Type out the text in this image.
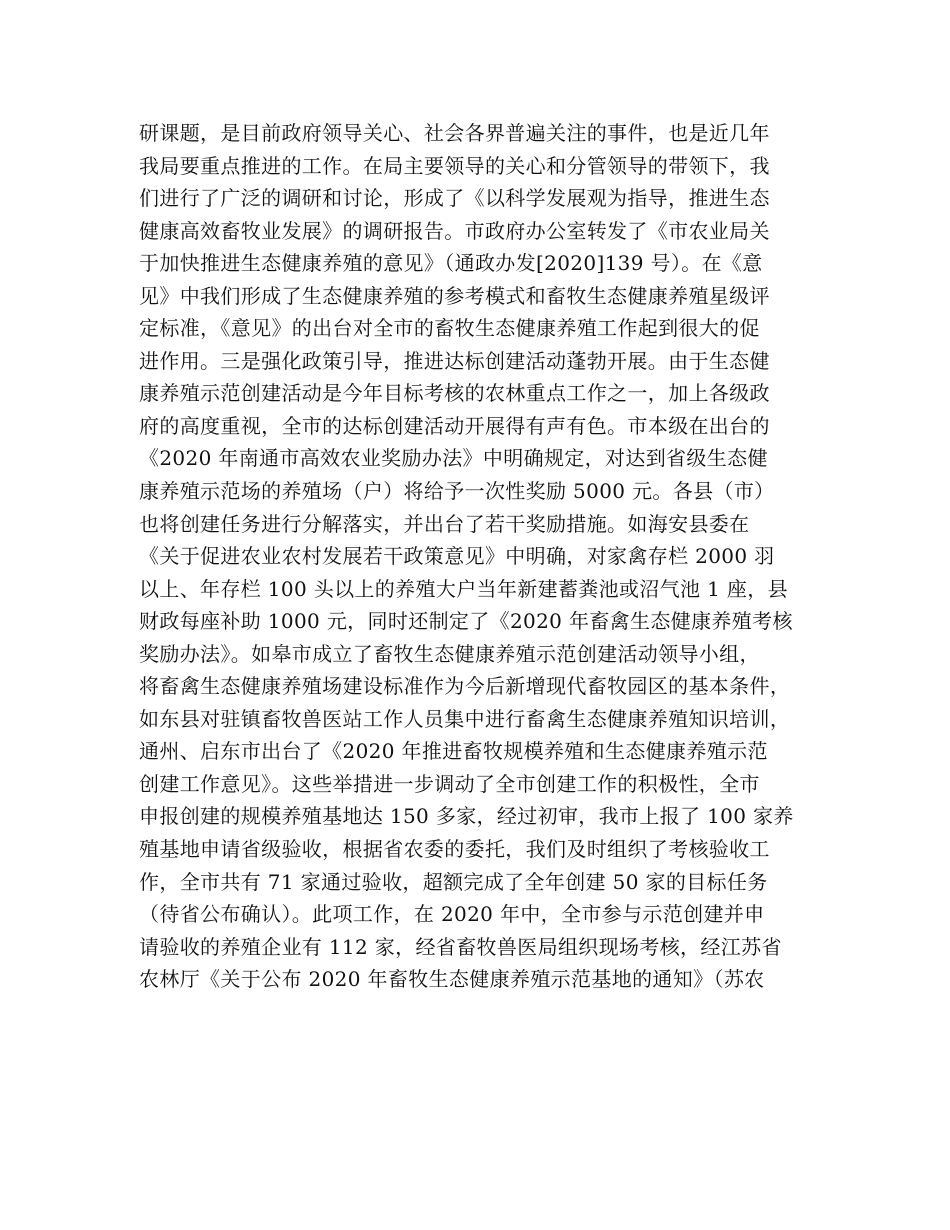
研课题，是目前政府领导关心、社会各界普遍关注的事件，也是近几年
我局要重点推进的工作。在局主要领导的关心和分管领导的带领下，我
们进行了广泛的调研和讨论，形成了《以科学发展观为指导，推进生态
健康高效畜牧业发展》的调研报告。市政府办公室转发了《市农业局关
于加快推进生态健康养殖的意见》（通政办发[2020]139 号）。在《意
见》中我们形成了生态健康养殖的参考模式和畜牧生态健康养殖星级评
定标准，《意见》的出台对全市的畜牧生态健康养殖工作起到很大的促
进作用。三是强化政策引导，推进达标创建活动蓬勃开展。由于生态健
康养殖示范创建活动是今年目标考核的农林重点工作之一，加上各级政
府的高度重视，全市的达标创建活动开展得有声有色。市本级在出台的
《2020 年南通市高效农业奖励办法》中明确规定，对达到省级生态健
康养殖示范场的养殖场（户）将给予一次性奖励 5000 元。各县（市）
也将创建任务进行分解落实，并出台了若干奖励措施。如海安县委在
《关于促进农业农村发展若干政策意见》中明确，对家禽存栏 2000 羽
以上、年存栏 100 头以上的养殖大户当年新建蓄粪池或沼气池 1 座，县
财政每座补助 1000 元，同时还制定了《2020 年畜禽生态健康养殖考核
奖励办法》。如皋市成立了畜牧生态健康养殖示范创建活动领导小组，
将畜禽生态健康养殖场建设标准作为今后新增现代畜牧园区的基本条件，
如东县对驻镇畜牧兽医站工作人员集中进行畜禽生态健康养殖知识培训，
通州、启东市出台了《2020 年推进畜牧规模养殖和生态健康养殖示范
创建工作意见》。这些举措进一步调动了全市创建工作的积极性，全市
申报创建的规模养殖基地达 150 多家，经过初审，我市上报了 100 家养
殖基地申请省级验收，根据省农委的委托，我们及时组织了考核验收工
作，全市共有 71 家通过验收，超额完成了全年创建 50 家的目标任务
（待省公布确认）。此项工作，在 2020 年中，全市参与示范创建并申
请验收的养殖企业有 112 家，经省畜牧兽医局组织现场考核，经江苏省
农林厅《关于公布 2020 年畜牧生态健康养殖示范基地的通知》（苏农
